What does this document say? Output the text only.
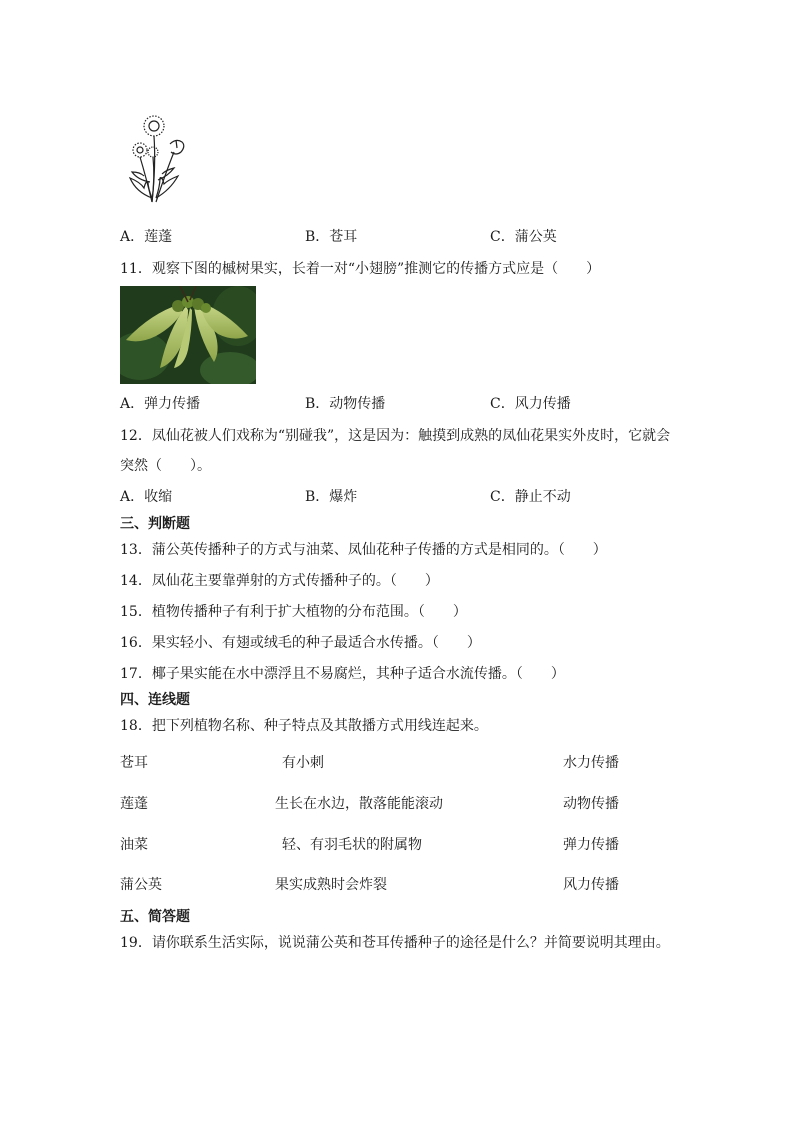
A．莲蓬	B．苍耳	C．蒲公英
11．观察下图的槭树果实，长着一对“小翅膀”推测它的传播方式应是（　　）
A．弹力传播	B．动物传播	C．风力传播
12．凤仙花被人们戏称为“别碰我”，这是因为：触摸到成熟的凤仙花果实外皮时，它就会
突然（　　）。
A．收缩	B．爆炸	C．静止不动
三、判断题
13．蒲公英传播种子的方式与油菜、凤仙花种子传播的方式是相同的。（　　）
14．凤仙花主要靠弹射的方式传播种子的。（　　）
15．植物传播种子有利于扩大植物的分布范围。（　　）
16．果实轻小、有翅或绒毛的种子最适合水传播。（　　）
17．椰子果实能在水中漂浮且不易腐烂，其种子适合水流传播。（　　）
四、连线题
18．把下列植物名称、种子特点及其散播方式用线连起来。
苍耳	有小刺	水力传播
莲蓬	生长在水边，散落能能滚动	动物传播
油菜	轻、有羽毛状的附属物	弹力传播
蒲公英	果实成熟时会炸裂	风力传播
五、简答题
19．请你联系生活实际，说说蒲公英和苍耳传播种子的途径是什么？并简要说明其理由。
